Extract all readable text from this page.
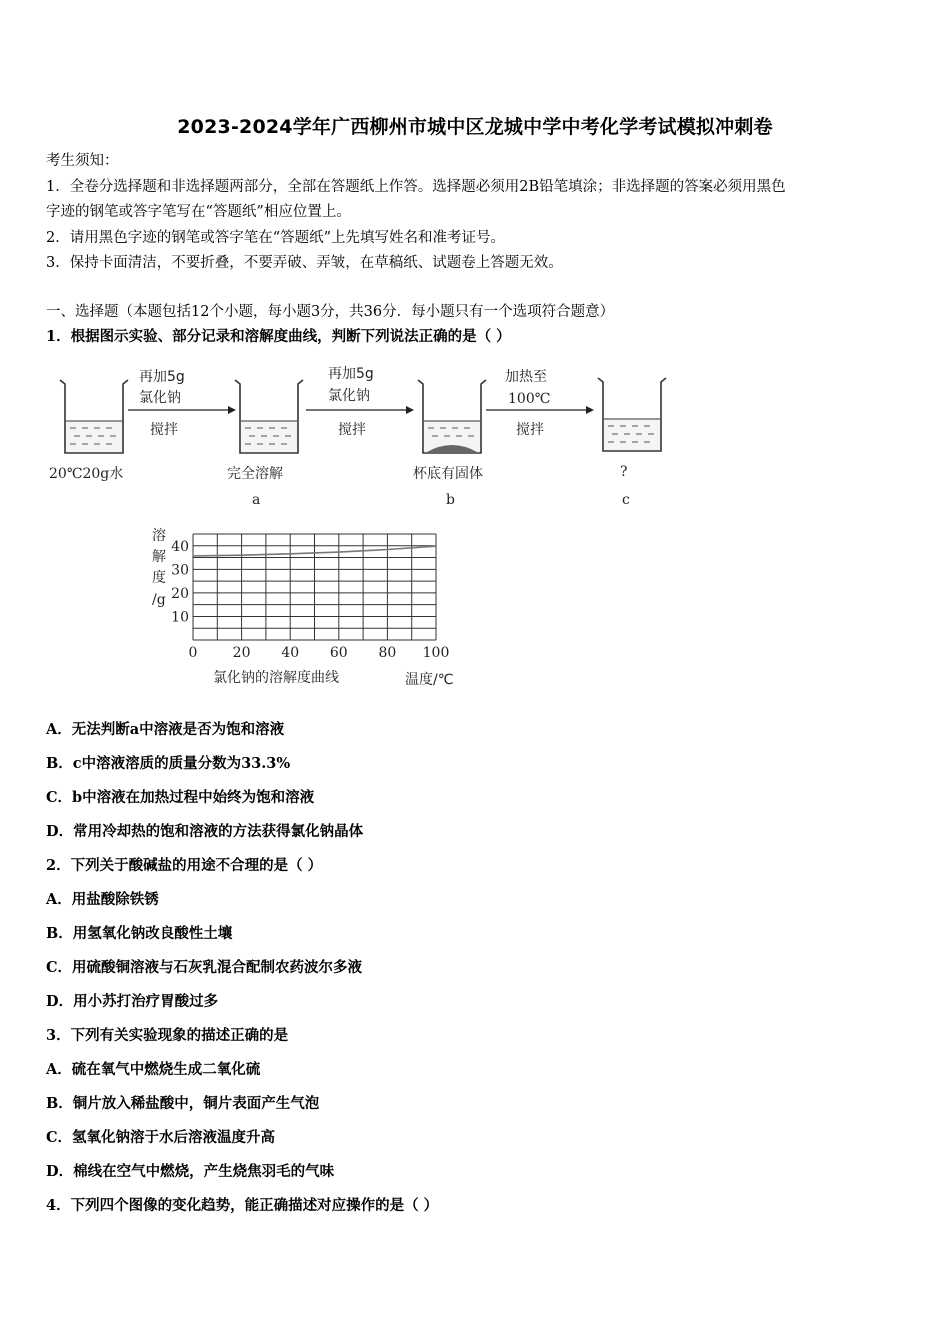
2023-2024学年广西柳州市城中区龙城中学中考化学考试模拟冲刺卷
考生须知：
1．全卷分选择题和非选择题两部分，全部在答题纸上作答。选择题必须用2B铅笔填涂；非选择题的答案必须用黑色
字迹的钢笔或答字笔写在“答题纸”相应位置上。
2．请用黑色字迹的钢笔或答字笔在“答题纸”上先填写姓名和准考证号。
3．保持卡面清洁，不要折叠，不要弄破、弄皱，在草稿纸、试题卷上答题无效。
一、选择题（本题包括12个小题，每小题3分，共36分．每小题只有一个选项符合题意）
1．根据图示实验、部分记录和溶解度曲线，判断下列说法正确的是（ ）
再加5g
氯化钠
搅拌
再加5g
氯化钠
搅拌
加热至
100℃
搅拌
20℃20g水	完全溶解
a
杯底有固体
b
?
c
0	20 40 60 80 100
10
20
30
40
溶
解
度
/g
氯化钠的溶解度曲线	温度/℃
A．无法判断a中溶液是否为饱和溶液
B．c中溶液溶质的质量分数为33.3%
C．b中溶液在加热过程中始终为饱和溶液
D．常用冷却热的饱和溶液的方法获得氯化钠晶体
2．下列关于酸碱盐的用途不合理的是（ ）
A．用盐酸除铁锈
B．用氢氧化钠改良酸性土壤
C．用硫酸铜溶液与石灰乳混合配制农药波尔多液
D．用小苏打治疗胃酸过多
3．下列有关实验现象的描述正确的是
A．硫在氧气中燃烧生成二氧化硫
B．铜片放入稀盐酸中，铜片表面产生气泡
C．氢氧化钠溶于水后溶液温度升高
D．棉线在空气中燃烧，产生烧焦羽毛的气味
4．下列四个图像的变化趋势，能正确描述对应操作的是（ ）
